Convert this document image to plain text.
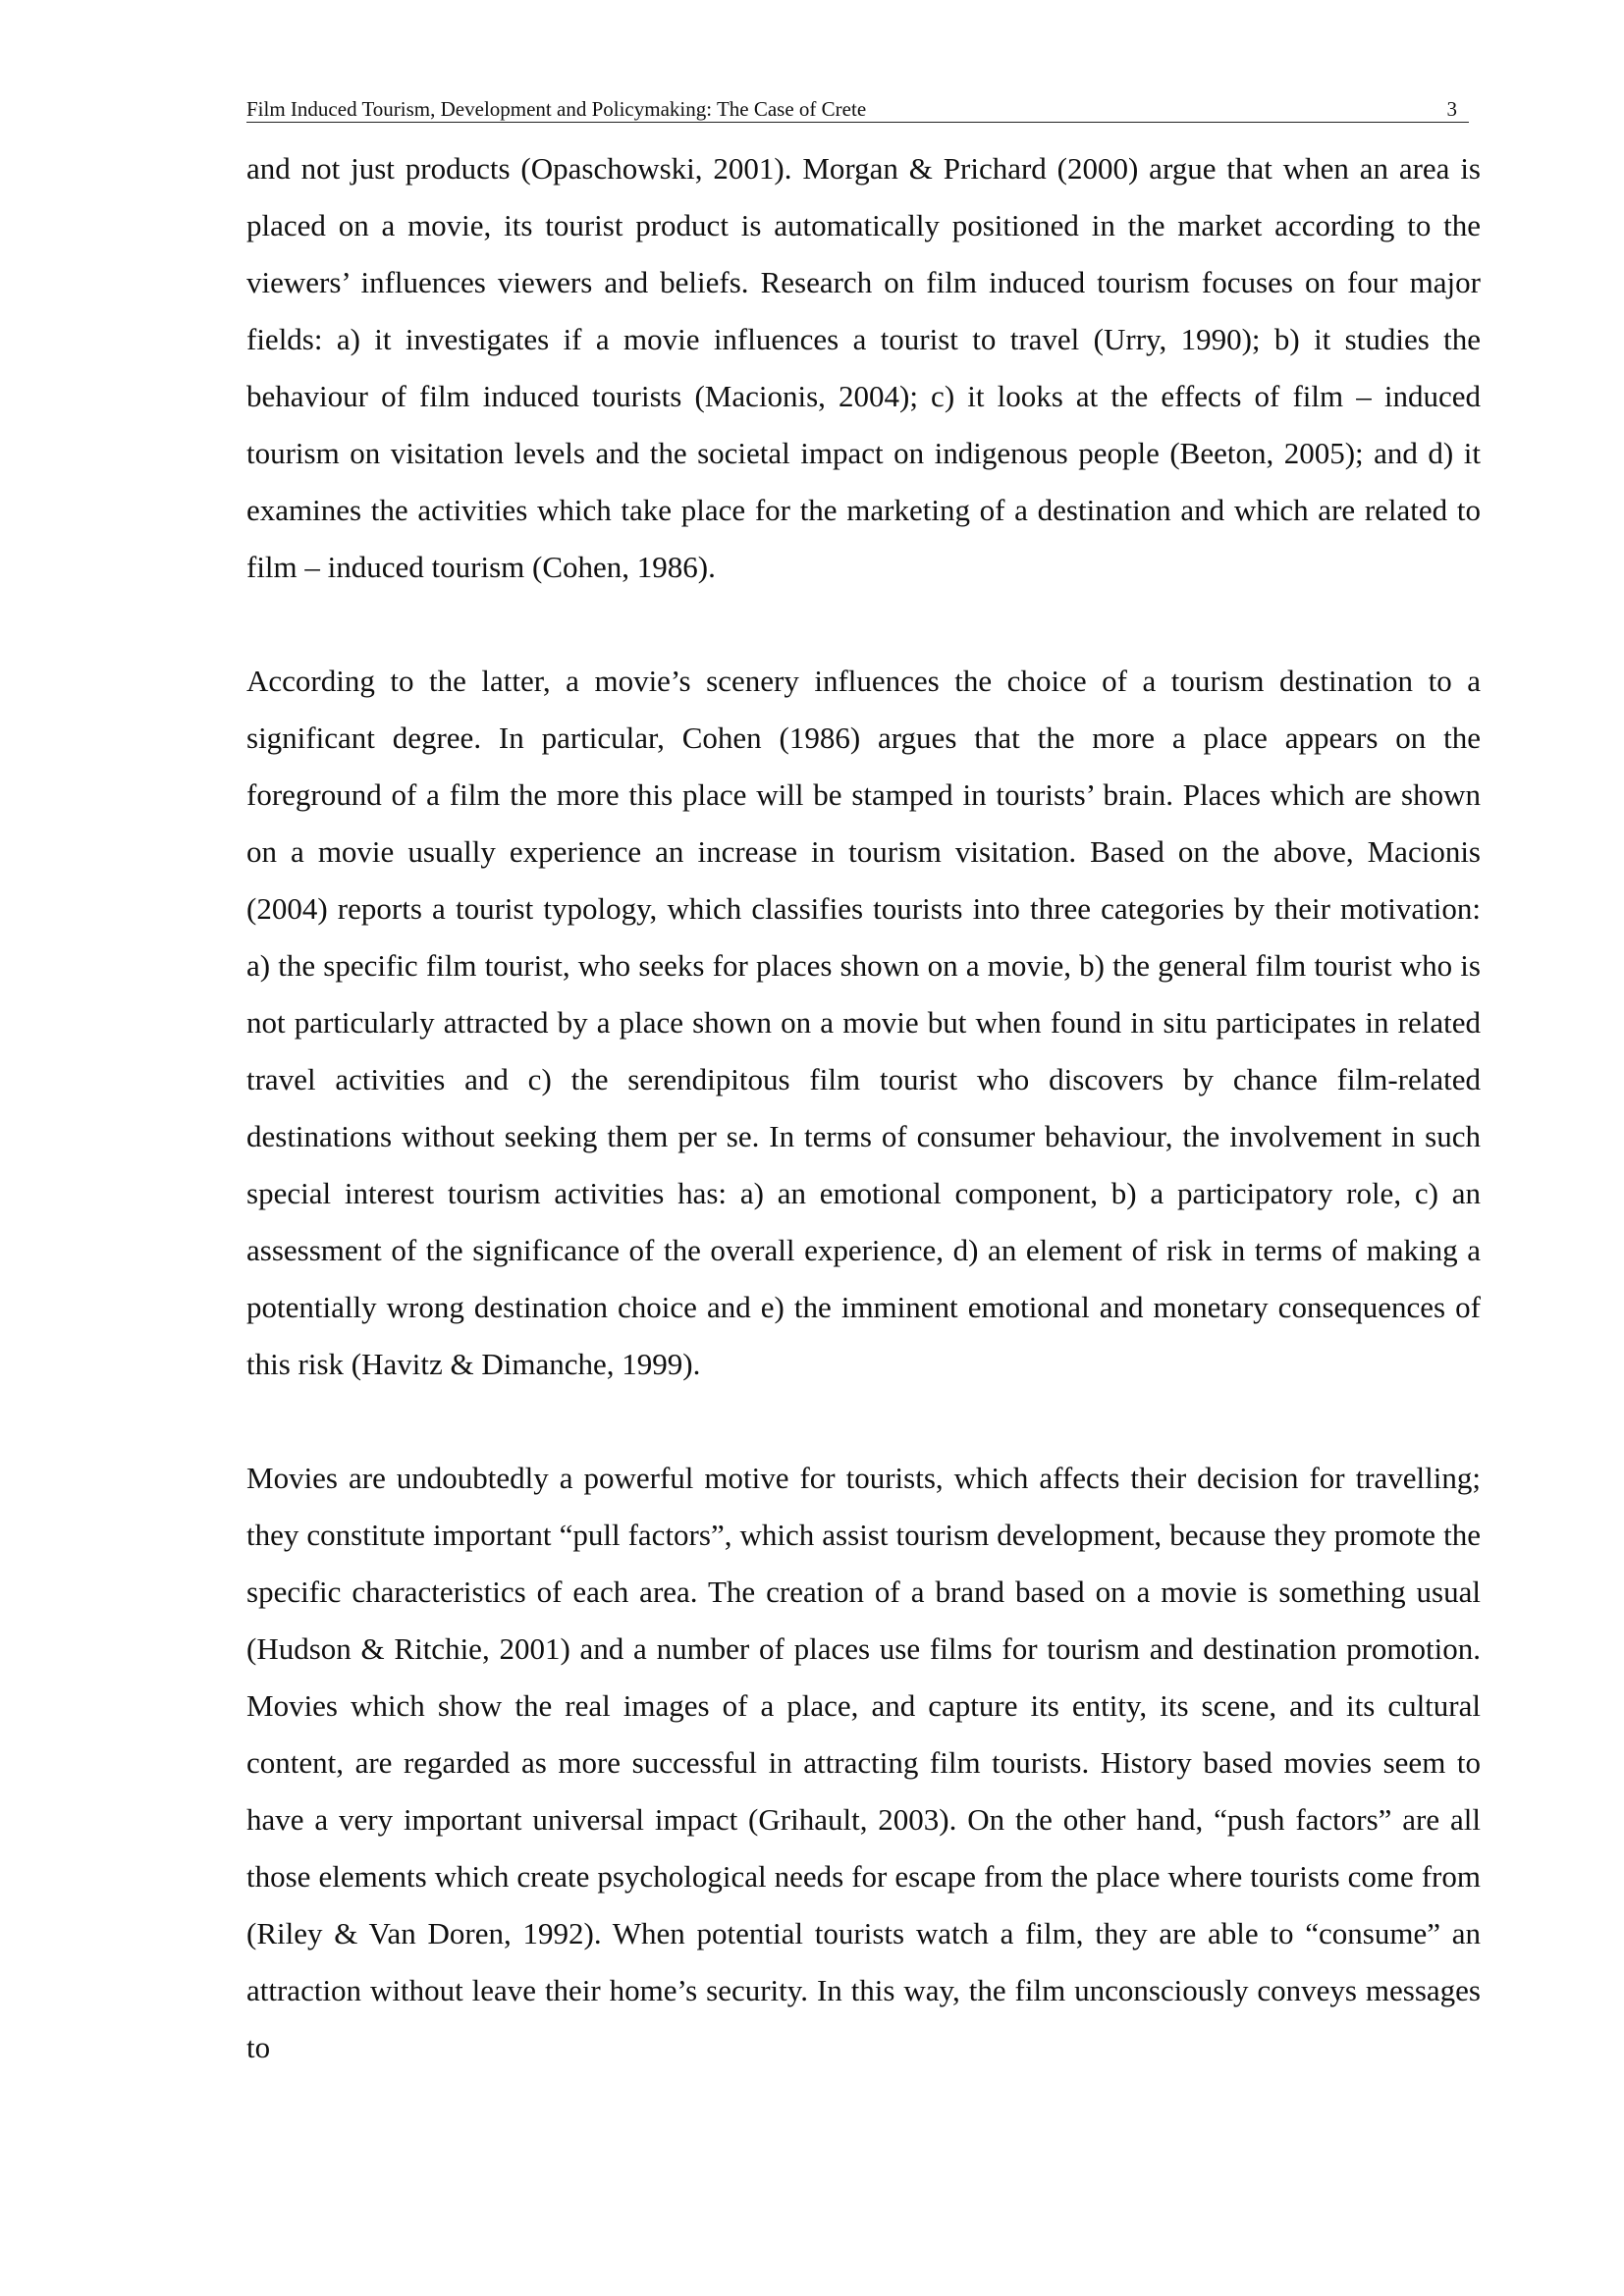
Film Induced Tourism, Development and Policymaking: The Case of Crete	3

and not just products (Opaschowski, 2001). Morgan & Prichard (2000) argue that when an area is placed on a movie, its tourist product is automatically positioned in the market according to the viewers’ influences viewers and beliefs. Research on film induced tourism focuses on four major fields: a) it investigates if a movie influences a tourist to travel (Urry, 1990); b) it studies the behaviour of film induced tourists (Macionis, 2004); c) it looks at the effects of film – induced tourism on visitation levels and the societal impact on indigenous people (Beeton, 2005); and d) it examines the activities which take place for the marketing of a destination and which are related to film – induced tourism (Cohen, 1986).

According to the latter, a movie’s scenery influences the choice of a tourism destination to a significant degree. In particular, Cohen (1986) argues that the more a place appears on the foreground of a film the more this place will be stamped in tourists’ brain. Places which are shown on a movie usually experience an increase in tourism visitation. Based on the above, Macionis (2004) reports a tourist typology, which classifies tourists into three categories by their motivation: a) the specific film tourist, who seeks for places shown on a movie, b) the general film tourist who is not particularly attracted by a place shown on a movie but when found in situ participates in related travel activities and c) the serendipitous film tourist who discovers by chance film-related destinations without seeking them per se. In terms of consumer behaviour, the involvement in such special interest tourism activities has: a) an emotional component, b) a participatory role, c) an assessment of the significance of the overall experience, d) an element of risk in terms of making a potentially wrong destination choice and e) the imminent emotional and monetary consequences of this risk (Havitz & Dimanche, 1999).

Movies are undoubtedly a powerful motive for tourists, which affects their decision for travelling; they constitute important “pull factors”, which assist tourism development, because they promote the specific characteristics of each area. The creation of a brand based on a movie is something usual (Hudson & Ritchie, 2001) and a number of places use films for tourism and destination promotion. Movies which show the real images of a place, and capture its entity, its scene, and its cultural content, are regarded as more successful in attracting film tourists. History based movies seem to have a very important universal impact (Grihault, 2003). On the other hand, “push factors” are all those elements which create psychological needs for escape from the place where tourists come from (Riley & Van Doren, 1992). When potential tourists watch a film, they are able to “consume” an attraction without leave their home’s security. In this way, the film unconsciously conveys messages to
